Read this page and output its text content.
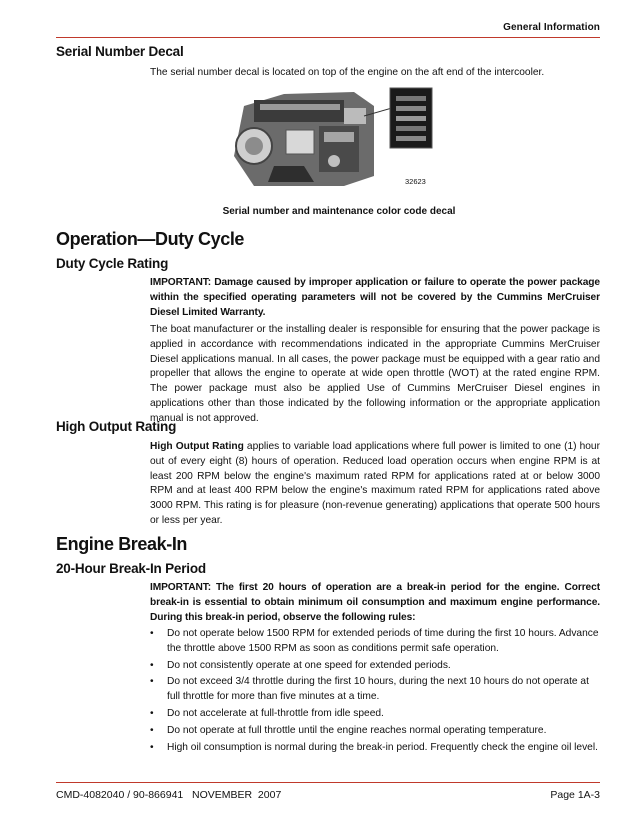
General Information
Serial Number Decal
The serial number decal is located on top of the engine on the aft end of the intercooler.
32623
Serial number and maintenance color code decal
Operation—Duty Cycle
Duty Cycle Rating
IMPORTANT: Damage caused by improper application or failure to operate the power package within the specified operating parameters will not be covered by the Cummins MerCruiser Diesel Limited Warranty.
The boat manufacturer or the installing dealer is responsible for ensuring that the power package is applied in accordance with recommendations indicated in the appropriate Cummins MerCruiser Diesel applications manual. In all cases, the power package must be equipped with a gear ratio and propeller that allows the engine to operate at wide open throttle (WOT) at the rated engine RPM. The power package must also be applied Use of Cummins MerCruiser Diesel engines in applications other than those indicated by the following information or the appropriate application manual is not approved.
High Output Rating
High Output Rating applies to variable load applications where full power is limited to one (1) hour out of every eight (8) hours of operation. Reduced load operation occurs when engine RPM is at least 200 RPM below the engine's maximum rated RPM for applications rated at or below 3000 RPM and at least 400 RPM below the engine's maximum rated RPM for applications rated above 3000 RPM. This rating is for pleasure (non-revenue generating) applications that operate 500 hours or less per year.
Engine Break-In
20-Hour Break-In Period
IMPORTANT: The first 20 hours of operation are a break-in period for the engine. Correct break-in is essential to obtain minimum oil consumption and maximum engine performance. During this break-in period, observe the following rules:
• Do not operate below 1500 RPM for extended periods of time during the first 10 hours. Advance the throttle above 1500 RPM as soon as conditions permit safe operation.
• Do not consistently operate at one speed for extended periods.
• Do not exceed 3/4 throttle during the first 10 hours, during the next 10 hours do not operate at full throttle for more than five minutes at a time.
• Do not accelerate at full-throttle from idle speed.
• Do not operate at full throttle until the engine reaches normal operating temperature.
• High oil consumption is normal during the break-in period. Frequently check the engine oil level.
CMD-4082040 / 90-866941   NOVEMBER  2007	Page 1A-3
